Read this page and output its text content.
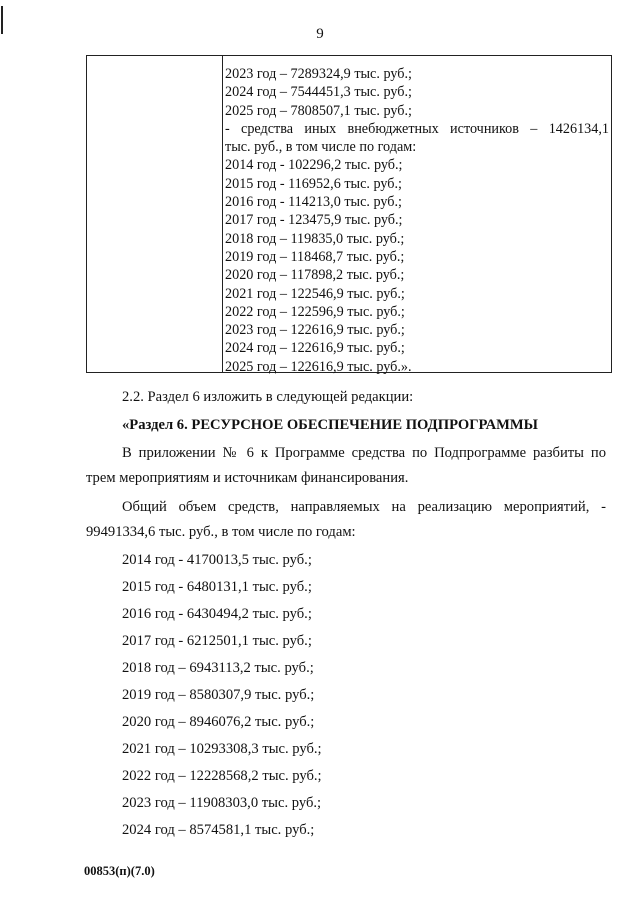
9
2023 год – 7289324,9 тыс. руб.;
2024 год – 7544451,3 тыс. руб.;
2025 год – 7808507,1 тыс. руб.;
- средства иных внебюджетных источников – 1426134,1
тыс. руб., в том числе по годам:
2014 год - 102296,2 тыс. руб.;
2015 год - 116952,6 тыс. руб.;
2016 год - 114213,0 тыс. руб.;
2017 год - 123475,9 тыс. руб.;
2018 год – 119835,0 тыс. руб.;
2019 год – 118468,7 тыс. руб.;
2020 год – 117898,2 тыс. руб.;
2021 год – 122546,9 тыс. руб.;
2022 год – 122596,9 тыс. руб.;
2023 год – 122616,9 тыс. руб.;
2024 год – 122616,9 тыс. руб.;
2025 год – 122616,9 тыс. руб.».
2.2. Раздел 6 изложить в следующей редакции:
«Раздел 6. РЕСУРСНОЕ ОБЕСПЕЧЕНИЕ ПОДПРОГРАММЫ
В приложении № 6 к Программе средства по Подпрограмме разбиты по
трем мероприятиям и источникам финансирования.
Общий объем средств, направляемых на реализацию мероприятий, -
99491334,6 тыс. руб., в том числе по годам:
2014 год - 4170013,5 тыс. руб.;
2015 год - 6480131,1 тыс. руб.;
2016 год - 6430494,2 тыс. руб.;
2017 год - 6212501,1 тыс. руб.;
2018 год – 6943113,2 тыс. руб.;
2019 год – 8580307,9 тыс. руб.;
2020 год – 8946076,2 тыс. руб.;
2021 год – 10293308,3 тыс. руб.;
2022 год – 12228568,2 тыс. руб.;
2023 год – 11908303,0 тыс. руб.;
2024 год – 8574581,1 тыс. руб.;
00853(п)(7.0)
